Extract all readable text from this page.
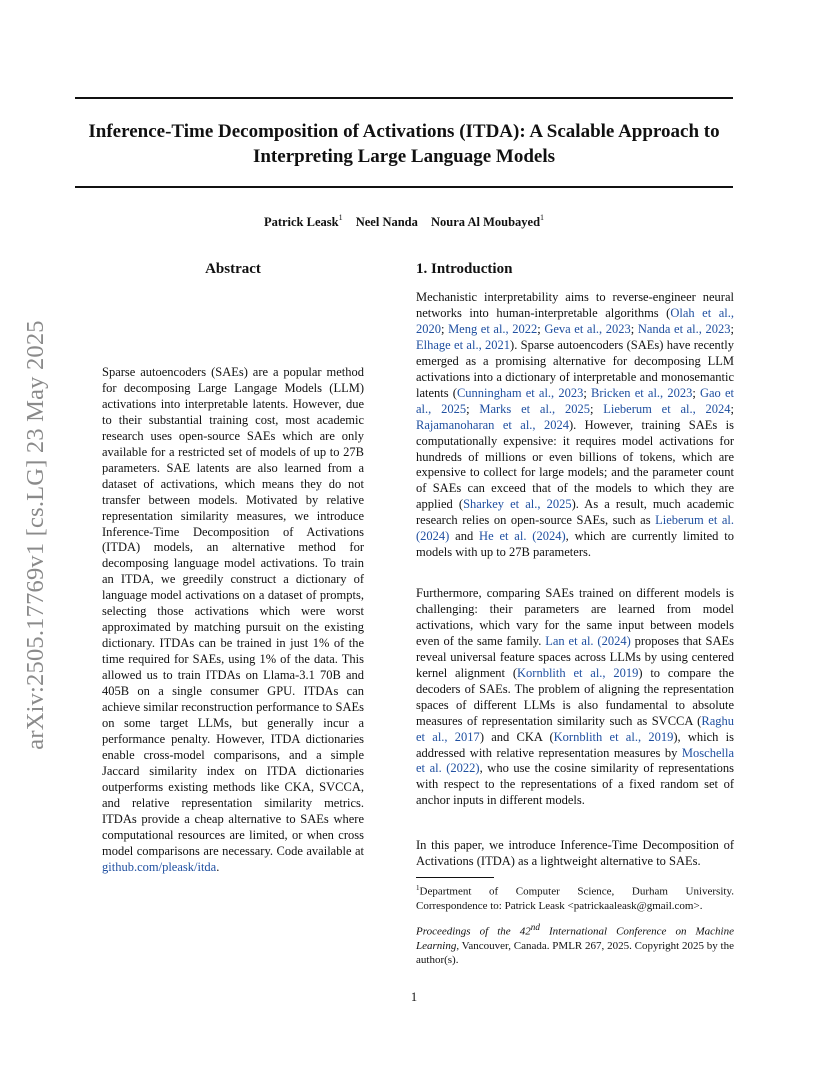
Inference-Time Decomposition of Activations (ITDA): A Scalable Approach to Interpreting Large Language Models

Patrick Leask$^1$ Neel Nanda Noura Al Moubayed$^1$

arXiv:2505.17769v1 [cs.LG] 23 May 2025
Abstract

Sparse autoencoders (SAEs) are a popular method for decomposing Large Langage Models (LLM) activations into interpretable latents. However, due to their substantial training cost, most academic research uses open-source SAEs which are only available for a restricted set of models of up to 27B parameters. SAE latents are also learned from a dataset of activations, which means they do not transfer between models. Motivated by relative representation similarity measures, we introduce Inference-Time Decomposition of Activations (ITDA) models, an alternative method for decomposing language model activations. To train an ITDA, we greedily construct a dictionary of language model activations on a dataset of prompts, selecting those activations which were worst approximated by matching pursuit on the existing dictionary. ITDAs can be trained in just 1% of the time required for SAEs, using 1% of the data. This allowed us to train ITDAs on Llama-3.1 70B and 405B on a single consumer GPU. ITDAs can achieve similar reconstruction performance to SAEs on some target LLMs, but generally incur a performance penalty. However, ITDA dictionaries enable cross-model comparisons, and a simple Jaccard similarity index on ITDA dictionaries outperforms existing methods like CKA, SVCCA, and relative representation similarity metrics. ITDAs provide a cheap alternative to SAEs where computational resources are limited, or when cross model comparisons are necessary. Code available at github.com/pleask/itda.

1. Introduction

Mechanistic interpretability aims to reverse-engineer neural networks into human-interpretable algorithms (Olah et al., 2020; Meng et al., 2022; Geva et al., 2023; Nanda et al., 2023; Elhage et al., 2021). Sparse autoencoders (SAEs) have recently emerged as a promising alternative for decomposing LLM activations into a dictionary of interpretable and monosemantic latents (Cunningham et al., 2023; Bricken et al., 2023; Gao et al., 2025; Marks et al., 2025; Lieberum et al., 2024; Rajamanoharan et al., 2024). However, training SAEs is computationally expensive: it requires model activations for hundreds of millions or even billions of tokens, which are expensive to collect for large models; and the parameter count of SAEs can exceed that of the models to which they are applied (Sharkey et al., 2025). As a result, much academic research relies on open-source SAEs, such as Lieberum et al. (2024) and He et al. (2024), which are currently limited to models with up to 27B parameters.

Furthermore, comparing SAEs trained on different models is challenging: their parameters are learned from model activations, which vary for the same input between models even of the same family. Lan et al. (2024) proposes that SAEs reveal universal feature spaces across LLMs by using centered kernel alignment (Kornblith et al., 2019) to compare the decoders of SAEs. The problem of aligning the representation spaces of different LLMs is also fundamental to absolute measures of representation similarity such as SVCCA (Raghu et al., 2017) and CKA (Kornblith et al., 2019), which is addressed with relative representation measures by Moschella et al. (2022), who use the cosine similarity of representations with respect to the representations of a fixed random set of anchor inputs in different models.

In this paper, we introduce Inference-Time Decomposition of Activations (ITDA) as a lightweight alternative to SAEs.

$^1$Department of Computer Science, Durham University. Correspondence to: Patrick Leask <patrickaaleask@gmail.com>.

Proceedings of the 42nd International Conference on Machine Learning, Vancouver, Canada. PMLR 267, 2025. Copyright 2025 by the author(s).

1
